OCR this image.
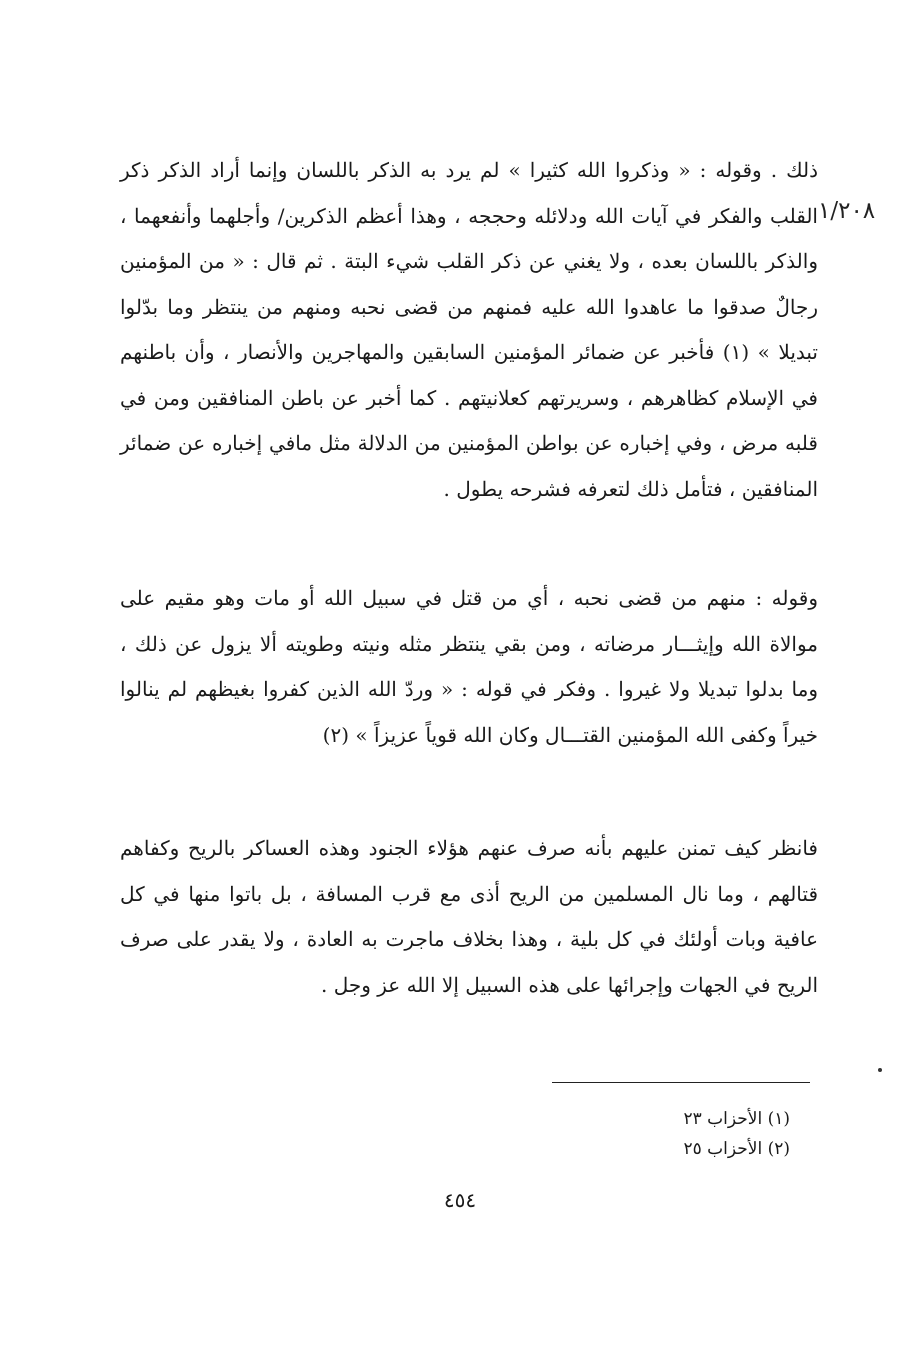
١/٢٠٨

ذلك . وقوله : « وذكروا الله كثيرا » لم يرد به الذكر باللسان وإنما أراد الذكر ذكر القلب والفكر في آيات الله ودلائله وحججه ، وهذا أعظم الذكرين/ وأجلهما وأنفعهما ، والذكر باللسان بعده ، ولا يغني عن ذكر القلب شيء البتة . ثم قال : « من المؤمنين رجالٌ صدقوا ما عاهدوا الله عليه فمنهم من قضى نحبه ومنهم من ينتظر وما بدّلوا تبديلا » (١) فأخبر عن ضمائر المؤمنين السابقين والمهاجرين والأنصار ، وأن باطنهم في الإسلام كظاهرهم ، وسريرتهم كعلانيتهم . كما أخبر عن باطن المنافقين ومن في قلبه مرض ، وفي إخباره عن بواطن المؤمنين من الدلالة مثل مافي إخباره عن ضمائر المنافقين ، فتأمل ذلك لتعرفه فشرحه يطول .

وقوله : منهم من قضى نحبه ، أي من قتل في سبيل الله أو مات وهو مقيم على موالاة الله وإيثـــار مرضاته ، ومن بقي ينتظر مثله ونيته وطويته ألا يزول عن ذلك ، وما بدلوا تبديلا ولا غيروا . وفكر في قوله : « وردّ الله الذين كفروا بغيظهم لم ينالوا خيراً وكفى الله المؤمنين القتـــال وكان الله قوياً عزيزاً » (٢)

فانظر كيف تمنن عليهم بأنه صرف عنهم هؤلاء الجنود وهذه العساكر بالريح وكفاهم قتالهم ، وما نال المسلمين من الريح أذى مع قرب المسافة ، بل باتوا منها في كل عافية وبات أولئك في كل بلية ، وهذا بخلاف ماجرت به العادة ، ولا يقدر على صرف الريح في الجهات وإجرائها على هذه السبيل إلا الله عز وجل .

(١) الأحزاب ٢٣
(٢) الأحزاب ٢٥
٤٥٤
